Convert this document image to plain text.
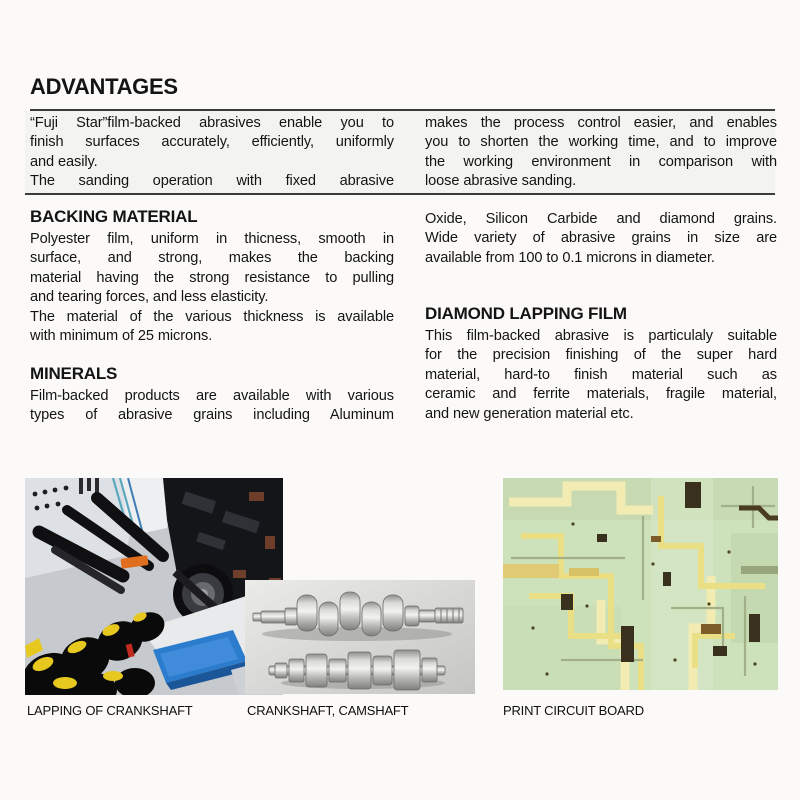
ADVANTAGES
“Fuji Star”film-backed abrasives enable you to
finish surfaces accurately, efficiently, uniformly
and easily.
The sanding operation with fixed abrasive
makes the process control easier, and enables
you to shorten the working time, and to improve
the working environment in comparison with
loose abrasive sanding.
BACKING MATERIAL
Polyester film, uniform in thicness, smooth in
surface, and strong, makes the backing
material having the strong resistance to pulling
and tearing forces, and less elasticity.
The material of the various thickness is available
with minimum of 25 microns.
MINERALS
Film-backed products are available with various
types of abrasive grains including Aluminum
Oxide, Silicon Carbide and diamond grains.
Wide variety of abrasive grains in size are
available from 100 to 0.1 microns in diameter.
DIAMOND LAPPING FILM
This film-backed abrasive is particulaly suitable
for the precision finishing of the super hard
material, hard-to finish material such as
ceramic and ferrite materials, fragile material,
and new generation material etc.
LAPPING OF CRANKSHAFT	CRANKSHAFT, CAMSHAFT	PRINT CIRCUIT BOARD
